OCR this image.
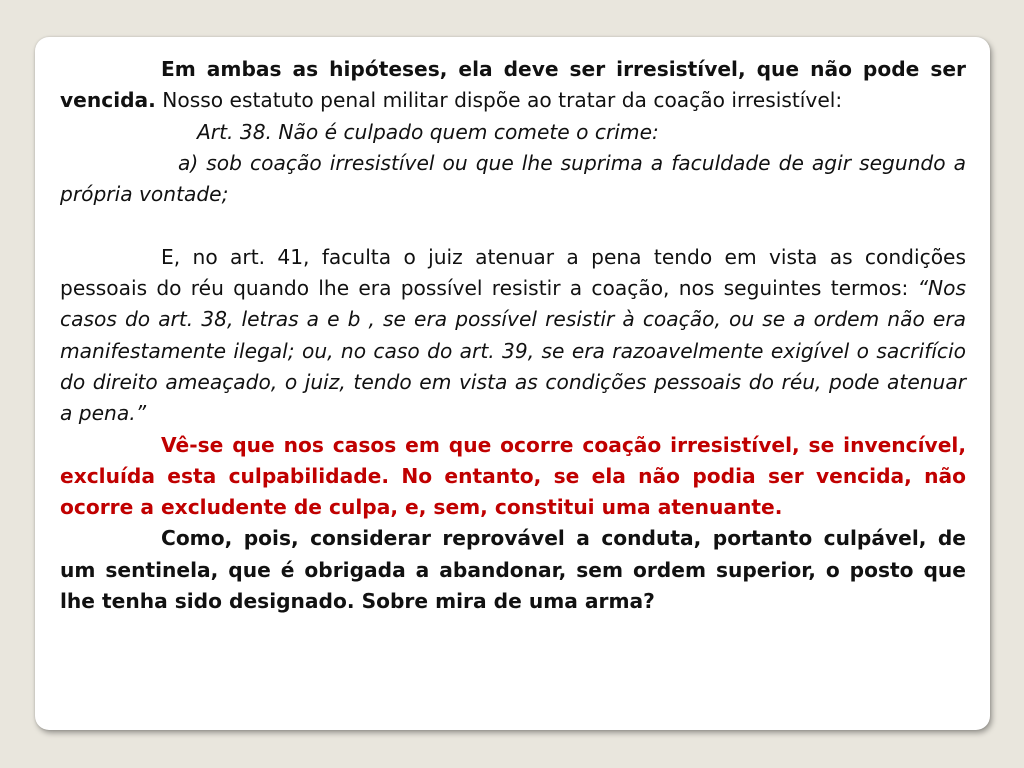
Em ambas as hipóteses, ela deve ser irresistível, que não pode ser vencida. Nosso estatuto penal militar dispõe ao tratar da coação irresistível:

Art. 38. Não é culpado quem comete o crime:

a) sob coação irresistível ou que lhe suprima a faculdade de agir segundo a própria vontade;

E, no art. 41, faculta o juiz atenuar a pena tendo em vista as condições pessoais do réu quando lhe era possível resistir a coação, nos seguintes termos: “Nos casos do art. 38, letras a e b , se era possível resistir à coação, ou se a ordem não era manifestamente ilegal; ou, no caso do art. 39, se era razoavelmente exigível o sacrifício do direito ameaçado, o juiz, tendo em vista as condições pessoais do réu, pode atenuar a pena.”

Vê-se que nos casos em que ocorre coação irresistível, se invencível, excluída esta culpabilidade. No entanto, se ela não podia ser vencida, não ocorre a excludente de culpa, e, sem, constitui uma atenuante.

Como, pois, considerar reprovável a conduta, portanto culpável, de um sentinela, que é obrigada a abandonar, sem ordem superior, o posto que lhe tenha sido designado. Sobre mira de uma arma?
